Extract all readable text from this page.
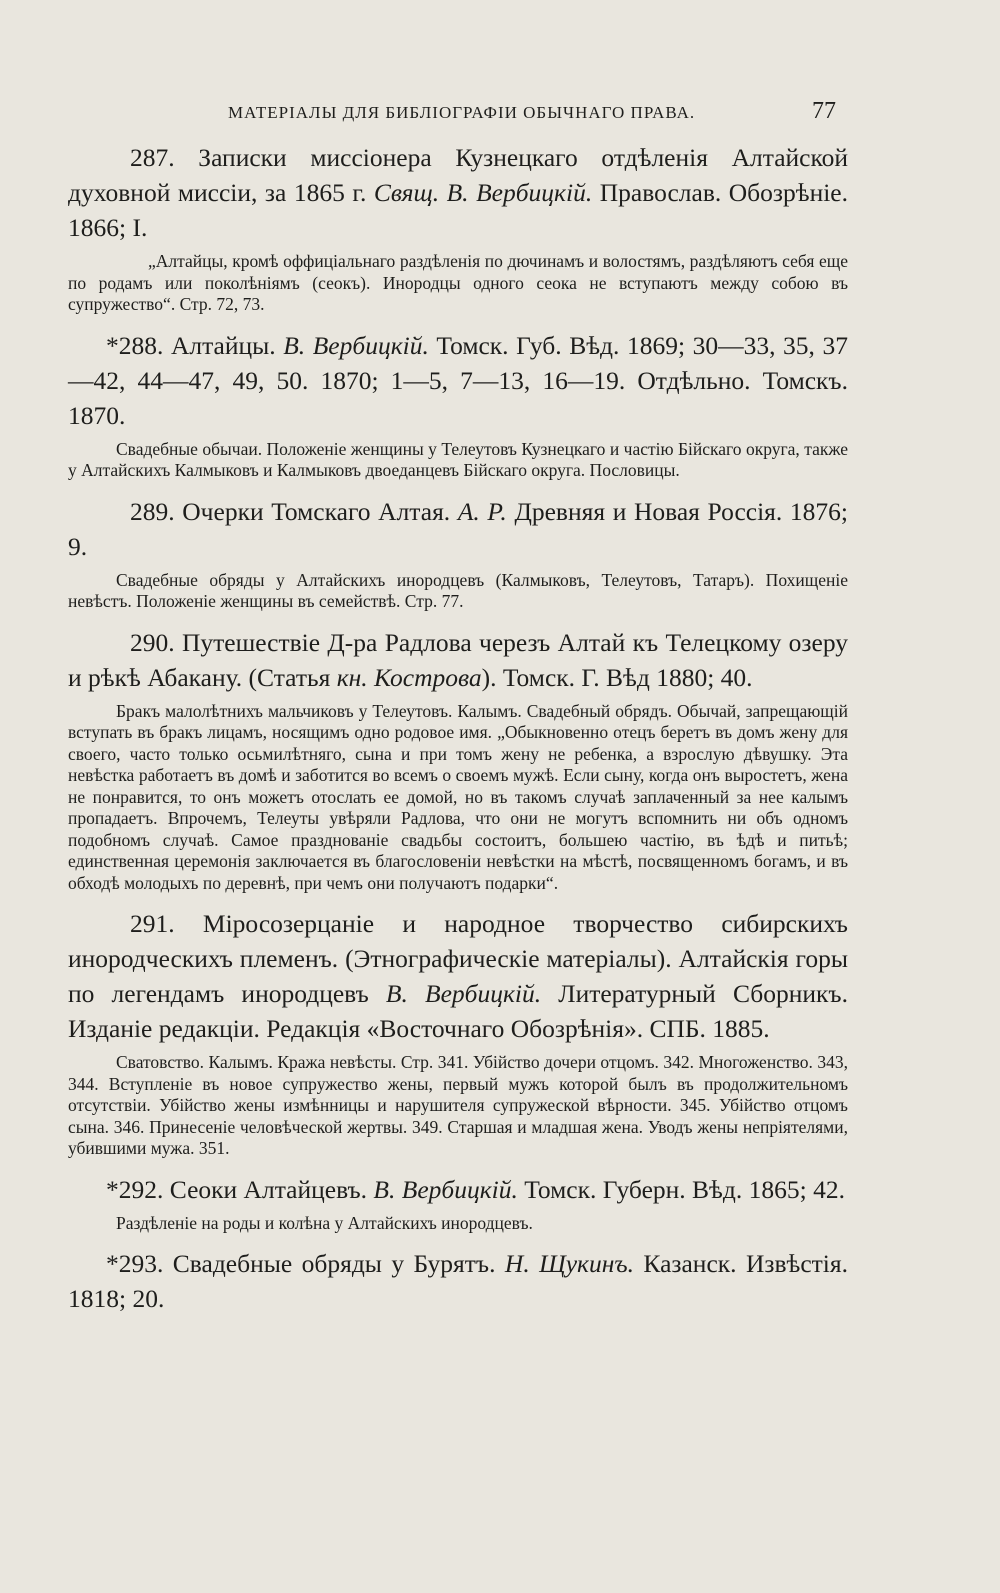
МАТЕРІАЛЫ ДЛЯ БИБЛІОГРАФІИ ОБЫЧНАГО ПРАВА.	77

287. Записки миссіонера Кузнецкаго отдѣленія Алтайской духовной миссіи, за 1865 г. Свящ. В. Вербицкій. Православ. Обозрѣніе. 1866; I.

„Алтайцы, кромѣ оффиціальнаго раздѣленія по дючинамъ и волостямъ, раздѣляютъ себя еще по родамъ или поколѣніямъ (сеокъ). Инородцы одного сеока не вступаютъ между собою въ супружество“. Стр. 72, 73.

*288. Алтайцы. В. Вербицкій. Томск. Губ. Вѣд. 1869; 30—33, 35, 37—42, 44—47, 49, 50. 1870; 1—5, 7—13, 16—19. Отдѣльно. Томскъ. 1870.

Свадебные обычаи. Положеніе женщины у Телеутовъ Кузнецкаго и частію Бійскаго округа, также у Алтайскихъ Калмыковъ и Калмыковъ двоеданцевъ Бійскаго округа. Пословицы.

289. Очерки Томскаго Алтая. А. Р. Древняя и Новая Россія. 1876; 9.

Свадебные обряды у Алтайскихъ инородцевъ (Калмыковъ, Телеутовъ, Татаръ). Похищеніе невѣстъ. Положеніе женщины въ семействѣ. Стр. 77.

290. Путешествіе Д-ра Радлова черезъ Алтай къ Телецкому озеру и рѣкѣ Абакану. (Статья кн. Кострова). Томск. Г. Вѣд 1880; 40.

Бракъ малолѣтнихъ мальчиковъ у Телеутовъ. Калымъ. Свадебный обрядъ. Обычай, запрещающій вступать въ бракъ лицамъ, носящимъ одно родовое имя. „Обыкновенно отецъ беретъ въ домъ жену для своего, часто только осьмилѣтняго, сына и при томъ жену не ребенка, а взрослую дѣвушку. Эта невѣстка работаетъ въ домѣ и заботится во всемъ о своемъ мужѣ. Если сыну, когда онъ выростетъ, жена не понравится, то онъ можетъ отослать ее домой, но въ такомъ случаѣ заплаченный за нее калымъ пропадаетъ. Впрочемъ, Телеуты увѣряли Радлова, что они не могутъ вспомнить ни объ одномъ подобномъ случаѣ. Самое празднованіе свадьбы состоитъ, большею частію, въ ѣдѣ и питьѣ; единственная церемонія заключается въ благословеніи невѣстки на мѣстѣ, посвященномъ богамъ, и въ обходѣ молодыхъ по деревнѣ, при чемъ они получаютъ подарки“.

291. Міросозерцаніе и народное творчество сибирскихъ инородческихъ племенъ. (Этнографическіе матеріалы). Алтайскія горы по легендамъ инородцевъ В. Вербицкій. Литературный Сборникъ. Изданіе редакціи. Редакція «Восточнаго Обозрѣнія». СПБ. 1885.

Сватовство. Калымъ. Кража невѣсты. Стр. 341. Убійство дочери отцомъ. 342. Многоженство. 343, 344. Вступленіе въ новое супружество жены, первый мужъ которой былъ въ продолжительномъ отсутствіи. Убійство жены измѣнницы и нарушителя супружеской вѣрности. 345. Убійство отцомъ сына. 346. Принесеніе человѣческой жертвы. 349. Старшая и младшая жена. Уводъ жены непріятелями, убившими мужа. 351.

*292. Сеоки Алтайцевъ. В. Вербицкій. Томск. Губерн. Вѣд. 1865; 42.

Раздѣленіе на роды и колѣна у Алтайскихъ инородцевъ.

*293. Свадебные обряды у Бурятъ. Н. Щукинъ. Казанск. Извѣстія. 1818; 20.
